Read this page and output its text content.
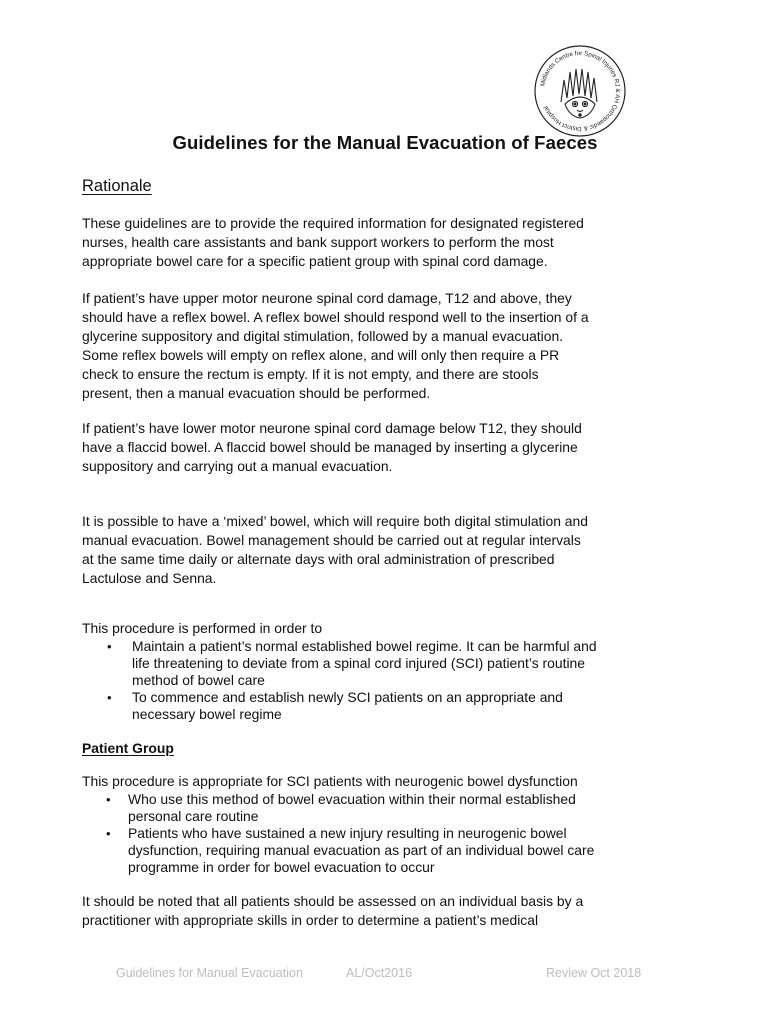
Midlands Centre for Spinal Injuries RJ & AH Orthopaedic & District Hospital
Guidelines for the Manual Evacuation of Faeces
Rationale
These guidelines are to provide the required information for designated registered
nurses, health care assistants and bank support workers to perform the most
appropriate bowel care for a specific patient group with spinal cord damage.
If patient’s have upper motor neurone spinal cord damage, T12 and above, they
should have a reflex bowel. A reflex bowel should respond well to the insertion of a
glycerine suppository and digital stimulation, followed by a manual evacuation.
Some reflex bowels will empty on reflex alone, and will only then require a PR
check to ensure the rectum is empty. If it is not empty, and there are stools
present, then a manual evacuation should be performed.
If patient’s have lower motor neurone spinal cord damage below T12, they should
have a flaccid bowel. A flaccid bowel should be managed by inserting a glycerine
suppository and carrying out a manual evacuation.
It is possible to have a ‘mixed’ bowel, which will require both digital stimulation and
manual evacuation. Bowel management should be carried out at regular intervals
at the same time daily or alternate days with oral administration of prescribed
Lactulose and Senna.
This procedure is performed in order to
• Maintain a patient’s normal established bowel regime. It can be harmful and
life threatening to deviate from a spinal cord injured (SCI) patient’s routine
method of bowel care
• To commence and establish newly SCI patients on an appropriate and
necessary bowel regime
Patient Group
This procedure is appropriate for SCI patients with neurogenic bowel dysfunction
• Who use this method of bowel evacuation within their normal established
personal care routine
• Patients who have sustained a new injury resulting in neurogenic bowel
dysfunction, requiring manual evacuation as part of an individual bowel care
programme in order for bowel evacuation to occur
It should be noted that all patients should be assessed on an individual basis by a
practitioner with appropriate skills in order to determine a patient’s medical
Guidelines for Manual Evacuation	AL/Oct2016	Review Oct 2018
